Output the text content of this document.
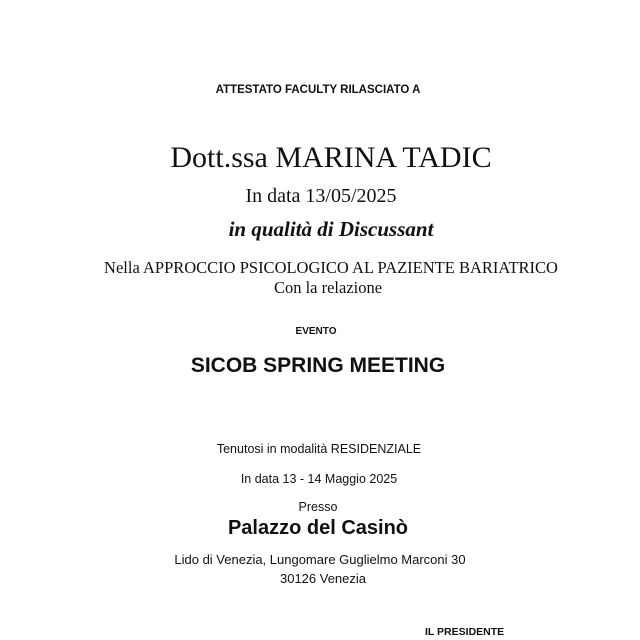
ATTESTATO FACULTY RILASCIATO A
Dott.ssa MARINA TADIC
In data 13/05/2025
in qualità di Discussant
Nella APPROCCIO PSICOLOGICO AL PAZIENTE BARIATRICO
Con la relazione
EVENTO
SICOB SPRING MEETING
Tenutosi in modalità RESIDENZIALE
In data 13 - 14 Maggio 2025
Presso
Palazzo del Casinò
Lido di Venezia, Lungomare Guglielmo Marconi 30
30126 Venezia
IL PRESIDENTE
